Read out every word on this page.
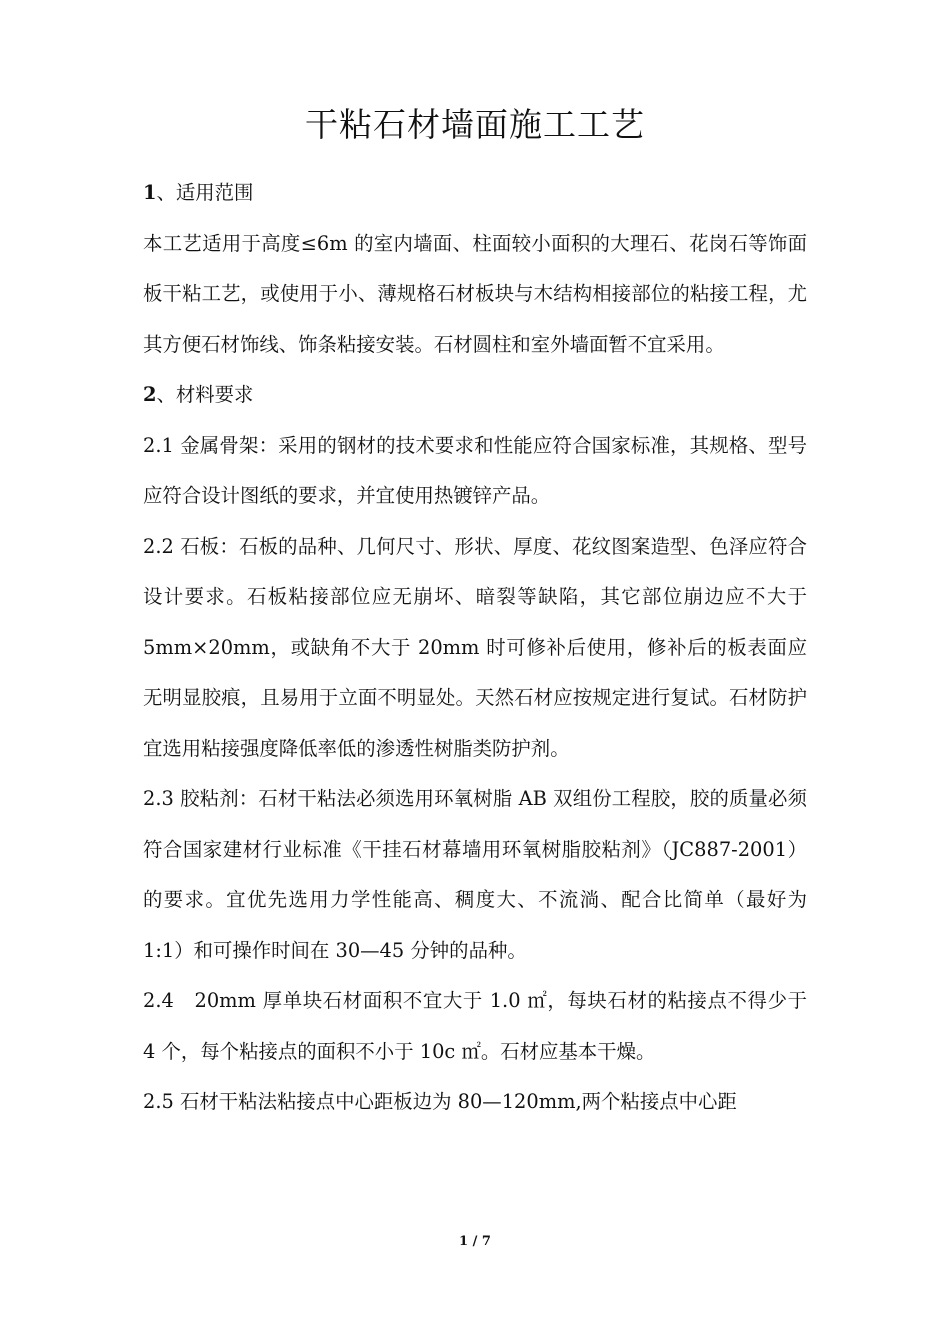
干粘石材墙面施工工艺

1、适用范围

本工艺适用于高度≤6m 的室内墙面、柱面较小面积的大理石、花岗石等饰面板干粘工艺，或使用于小、薄规格石材板块与木结构相接部位的粘接工程，尤其方便石材饰线、饰条粘接安装。石材圆柱和室外墙面暂不宜采用。

2、材料要求

2.1 金属骨架：采用的钢材的技术要求和性能应符合国家标准，其规格、型号应符合设计图纸的要求，并宜使用热镀锌产品。

2.2 石板：石板的品种、几何尺寸、形状、厚度、花纹图案造型、色泽应符合设计要求。石板粘接部位应无崩坏、暗裂等缺陷，其它部位崩边应不大于 5mm×20mm，或缺角不大于 20mm 时可修补后使用，修补后的板表面应无明显胶痕，且易用于立面不明显处。天然石材应按规定进行复试。石材防护宜选用粘接强度降低率低的渗透性树脂类防护剂。

2.3 胶粘剂：石材干粘法必须选用环氧树脂 AB 双组份工程胶，胶的质量必须符合国家建材行业标准《干挂石材幕墙用环氧树脂胶粘剂》（JC887-2001）的要求。宜优先选用力学性能高、稠度大、不流淌、配合比简单（最好为 1:1）和可操作时间在 30—45 分钟的品种。

2.4　20mm 厚单块石材面积不宜大于 1.0 ㎡，每块石材的粘接点不得少于 4 个，每个粘接点的面积不小于 10c ㎡。石材应基本干燥。

2.5 石材干粘法粘接点中心距板边为 80—120mm,两个粘接点中心距

1 / 7
